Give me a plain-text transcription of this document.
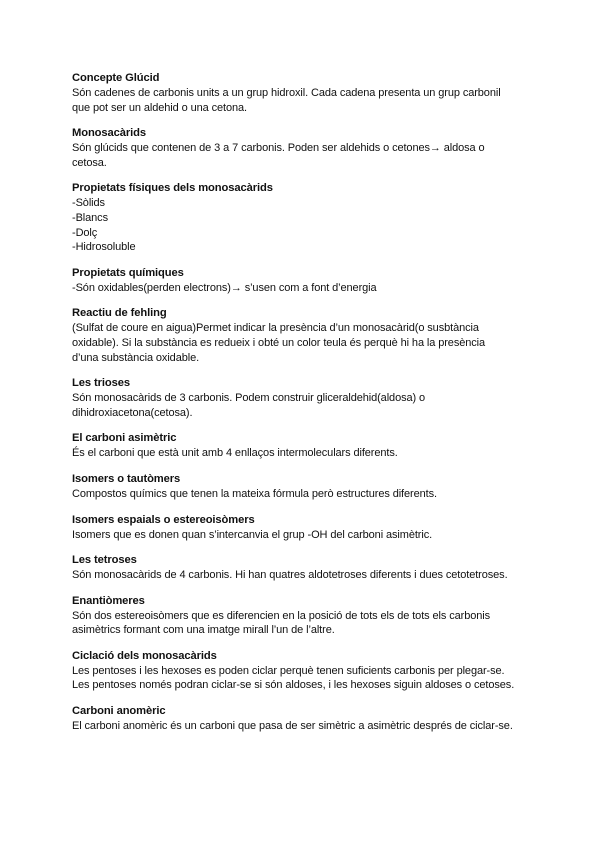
Concepte Glúcid
Són cadenes de carbonis units a un grup hidroxil. Cada cadena presenta un grup carbonil
que pot ser un aldehid o una cetona.
Monosacàrids
Són glúcids que contenen de 3 a 7 carbonis. Poden ser aldehids o cetones→ aldosa o
cetosa.
Propietats físiques dels monosacàrids
-Sòlids
-Blancs
-Dolç
-Hidrosoluble
Propietats químiques
-Són oxidables(perden electrons)→ s’usen com a font d’energia
Reactiu de fehling
(Sulfat de coure en aigua)Permet indicar la presència d’un monosacàrid(o susbtància
oxidable). Si la substància es redueix i obté un color teula és perquè hi ha la presència
d’una substància oxidable.
Les trioses
Són monosacàrids de 3 carbonis. Podem construir gliceraldehid(aldosa) o
dihidroxiacetona(cetosa).
El carboni asimètric
És el carboni que està unit amb 4 enllaços intermoleculars diferents.
Isomers o tautòmers
Compostos químics que tenen la mateixa fórmula però estructures diferents.
Isomers espaials o estereoisòmers
Isomers que es donen quan s’intercanvia el grup -OH del carboni asimètric.
Les tetroses
Són monosacàrids de 4 carbonis. Hi han quatres aldotetroses diferents i dues cetotetroses.
Enantiòmeres
Són dos estereoisòmers que es diferencien en la posició de tots els de tots els carbonis
asimètrics formant com una imatge mirall l’un de l’altre.
Ciclació dels monosacàrids
Les pentoses i les hexoses es poden ciclar perquè tenen suficients carbonis per plegar-se.
Les pentoses només podran ciclar-se si són aldoses, i les hexoses siguin aldoses o cetoses.
Carboni anomèric
El carboni anomèric és un carboni que pasa de ser simètric a asimètric després de ciclar-se.
